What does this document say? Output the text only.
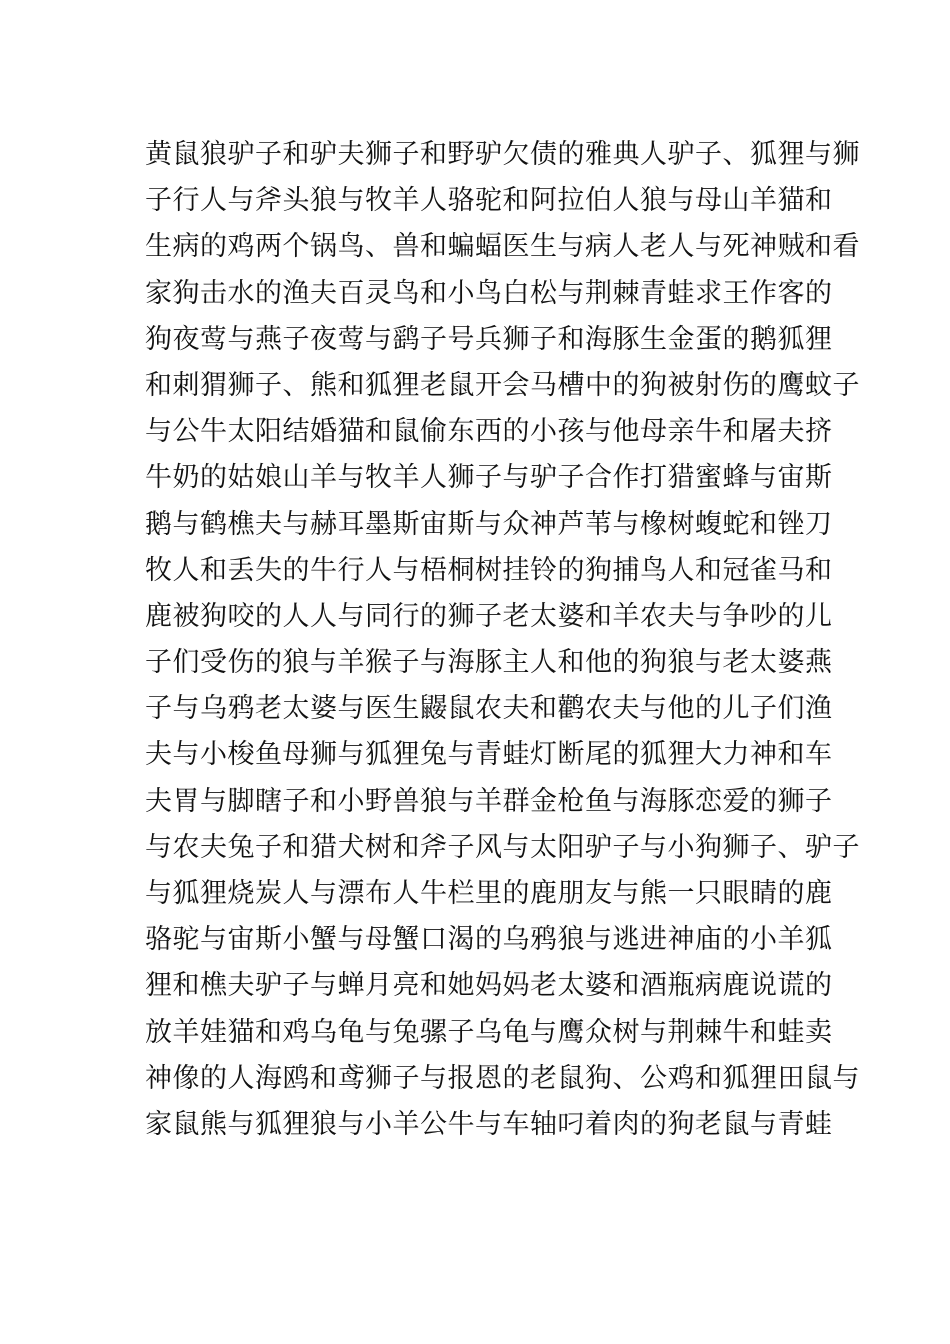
黄鼠狼驴子和驴夫狮子和野驴欠债的雅典人驴子、狐狸与狮
子行人与斧头狼与牧羊人骆驼和阿拉伯人狼与母山羊猫和
生病的鸡两个锅鸟、兽和蝙蝠医生与病人老人与死神贼和看
家狗击水的渔夫百灵鸟和小鸟白松与荆棘青蛙求王作客的
狗夜莺与燕子夜莺与鹞子号兵狮子和海豚生金蛋的鹅狐狸
和刺猬狮子、熊和狐狸老鼠开会马槽中的狗被射伤的鹰蚊子
与公牛太阳结婚猫和鼠偷东西的小孩与他母亲牛和屠夫挤
牛奶的姑娘山羊与牧羊人狮子与驴子合作打猎蜜蜂与宙斯
鹅与鹤樵夫与赫耳墨斯宙斯与众神芦苇与橡树蝮蛇和锉刀
牧人和丢失的牛行人与梧桐树挂铃的狗捕鸟人和冠雀马和
鹿被狗咬的人人与同行的狮子老太婆和羊农夫与争吵的儿
子们受伤的狼与羊猴子与海豚主人和他的狗狼与老太婆燕
子与乌鸦老太婆与医生鼹鼠农夫和鹳农夫与他的儿子们渔
夫与小梭鱼母狮与狐狸兔与青蛙灯断尾的狐狸大力神和车
夫胃与脚瞎子和小野兽狼与羊群金枪鱼与海豚恋爱的狮子
与农夫兔子和猎犬树和斧子风与太阳驴子与小狗狮子、驴子
与狐狸烧炭人与漂布人牛栏里的鹿朋友与熊一只眼睛的鹿
骆驼与宙斯小蟹与母蟹口渴的乌鸦狼与逃进神庙的小羊狐
狸和樵夫驴子与蝉月亮和她妈妈老太婆和酒瓶病鹿说谎的
放羊娃猫和鸡乌龟与兔骡子乌龟与鹰众树与荆棘牛和蛙卖
神像的人海鸥和鸢狮子与报恩的老鼠狗、公鸡和狐狸田鼠与
家鼠熊与狐狸狼与小羊公牛与车轴叼着肉的狗老鼠与青蛙
